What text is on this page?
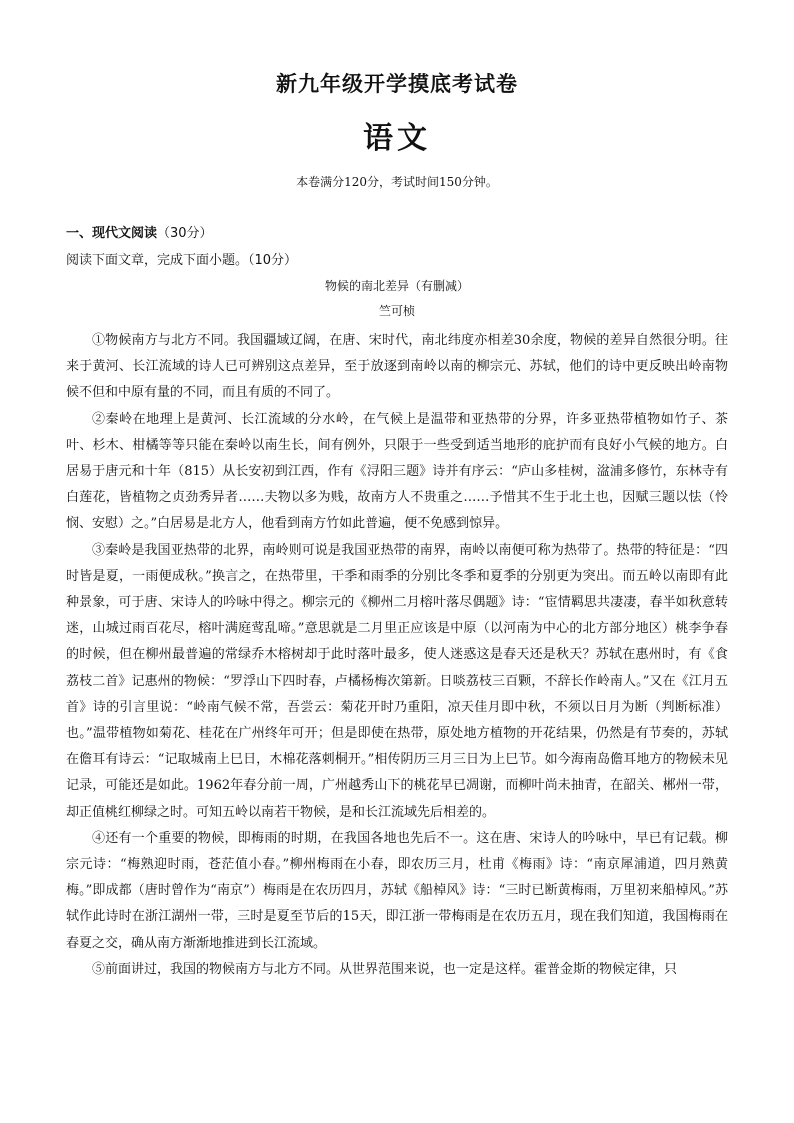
新九年级开学摸底考试卷
语文
本卷满分120分，考试时间150分钟。
一、现代文阅读（30分）
阅读下面文章，完成下面小题。（10分）
物候的南北差异（有删减）
竺可桢

①物候南方与北方不同。我国疆域辽阔，在唐、宋时代，南北纬度亦相差30余度，物候的差异自然很分明。往来于黄河、长江流域的诗人已可辨别这点差异，至于放逐到南岭以南的柳宗元、苏轼，他们的诗中更反映出岭南物候不但和中原有量的不同，而且有质的不同了。

②秦岭在地理上是黄河、长江流域的分水岭，在气候上是温带和亚热带的分界，许多亚热带植物如竹子、茶叶、杉木、柑橘等等只能在秦岭以南生长，间有例外，只限于一些受到适当地形的庇护而有良好小气候的地方。白居易于唐元和十年（815）从长安初到江西，作有《浔阳三题》诗并有序云：“庐山多桂树，湓浦多修竹，东林寺有白莲花，皆植物之贞劲秀异者……夫物以多为贱，故南方人不贵重之……予惜其不生于北土也，因赋三题以怯（怜悯、安慰）之。”白居易是北方人，他看到南方竹如此普遍，便不免感到惊异。

③秦岭是我国亚热带的北界，南岭则可说是我国亚热带的南界，南岭以南便可称为热带了。热带的特征是：“四时皆是夏，一雨便成秋。”换言之，在热带里，干季和雨季的分别比冬季和夏季的分别更为突出。而五岭以南即有此种景象，可于唐、宋诗人的吟咏中得之。柳宗元的《柳州二月榕叶落尽偶题》诗：“宦情羁思共凄凄，春半如秋意转迷，山城过雨百花尽，榕叶满庭莺乱啼。”意思就是二月里正应该是中原（以河南为中心的北方部分地区）桃李争春的时候，但在柳州最普遍的常绿乔木榕树却于此时落叶最多，使人迷惑这是春天还是秋天？苏轼在惠州时，有《食荔枝二首》记惠州的物候：“罗浮山下四时春，卢橘杨梅次第新。日啖荔枝三百颗，不辞长作岭南人。”又在《江月五首》诗的引言里说：“岭南气候不常，吾尝云：菊花开时乃重阳，凉天佳月即中秋，不须以日月为断（判断标准）也。”温带植物如菊花、桂花在广州终年可开；但是即使在热带，原处地方植物的开花结果，仍然是有节奏的，苏轼在儋耳有诗云：“记取城南上巳日，木棉花落刺桐开。”相传阴历三月三日为上巳节。如今海南岛儋耳地方的物候未见记录，可能还是如此。1962年春分前一周，广州越秀山下的桃花早已凋谢，而柳叶尚未抽青，在韶关、郴州一带，却正值桃红柳绿之时。可知五岭以南若干物候，是和长江流域先后相差的。

④还有一个重要的物候，即梅雨的时期，在我国各地也先后不一。这在唐、宋诗人的吟咏中，早已有记载。柳宗元诗：“梅熟迎时雨，苍茫值小春。”柳州梅雨在小春，即农历三月，杜甫《梅雨》诗：“南京犀浦道，四月熟黄梅。”即成都（唐时曾作为“南京”）梅雨是在农历四月，苏轼《船棹风》诗：“三时已断黄梅雨，万里初来船棹风。”苏轼作此诗时在浙江湖州一带，三时是夏至节后的15天，即江浙一带梅雨是在农历五月，现在我们知道，我国梅雨在春夏之交，确从南方渐渐地推进到长江流域。

⑤前面讲过，我国的物候南方与北方不同。从世界范围来说，也一定是这样。霍普金斯的物候定律，只
